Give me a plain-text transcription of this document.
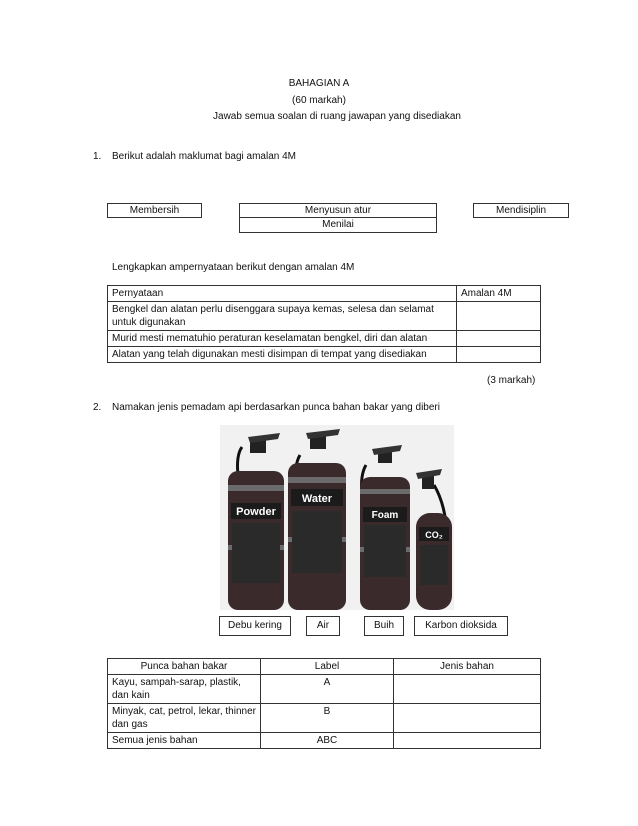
BAHAGIAN A
(60 markah)
Jawab semua soalan di ruang jawapan yang disediakan
1. Berikut adalah maklumat bagi amalan 4M
Membersih	Menyusun atur
Menilai
Mendisiplin
Lengkapkan ampernyataan berikut dengan amalan 4M
Pernyataan	Amalan 4M
Bengkel dan alatan perlu disenggara supaya kemas, selesa dan selamat untuk digunakan	
Murid mesti mematuhio peraturan keselamatan bengkel, diri dan alatan	
Alatan yang telah digunakan mesti disimpan di tempat yang disediakan	
(3 markah)
2. Namakan jenis pemadam api berdasarkan punca bahan bakar yang diberi
Powder
Water
Foam
CO₂
Debu kering	Air	Buih	Karbon dioksida
Punca bahan bakar	Label	Jenis bahan
Kayu, sampah-sarap, plastik, dan kain	A	
Minyak, cat, petrol, lekar, thinner dan gas	B	
Semua jenis bahan	ABC	
